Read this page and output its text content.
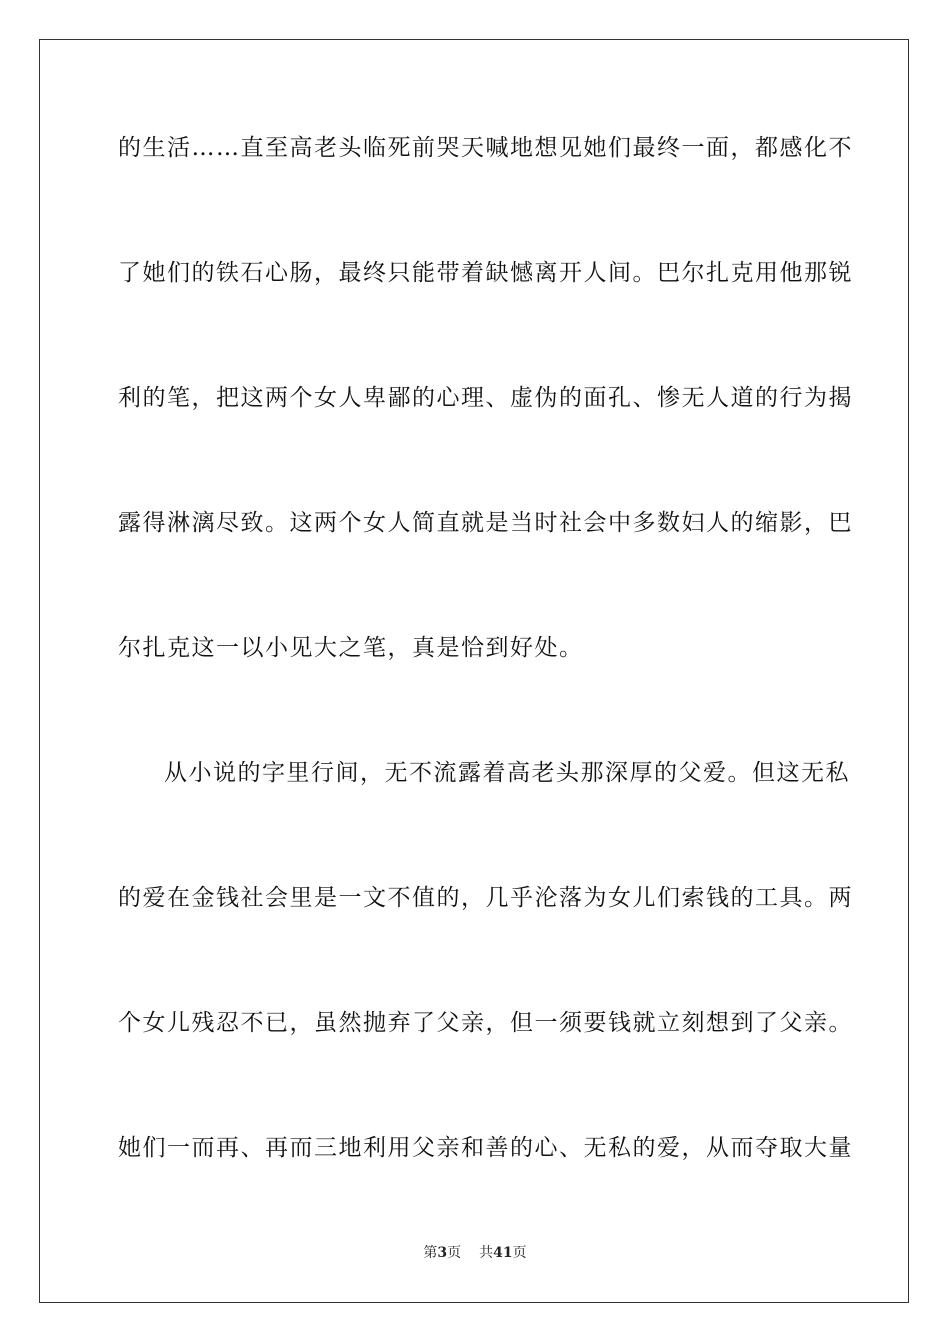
的生活……直至高老头临死前哭天喊地想见她们最终一面，都感化不
了她们的铁石心肠，最终只能带着缺憾离开人间。巴尔扎克用他那锐
利的笔，把这两个女人卑鄙的心理、虚伪的面孔、惨无人道的行为揭
露得淋漓尽致。这两个女人简直就是当时社会中多数妇人的缩影，巴
尔扎克这一以小见大之笔，真是恰到好处。
从小说的字里行间，无不流露着高老头那深厚的父爱。但这无私
的爱在金钱社会里是一文不值的，几乎沦落为女儿们索钱的工具。两
个女儿残忍不已，虽然抛弃了父亲，但一须要钱就立刻想到了父亲。
她们一而再、再而三地利用父亲和善的心、无私的爱，从而夺取大量
第3页 共41页
